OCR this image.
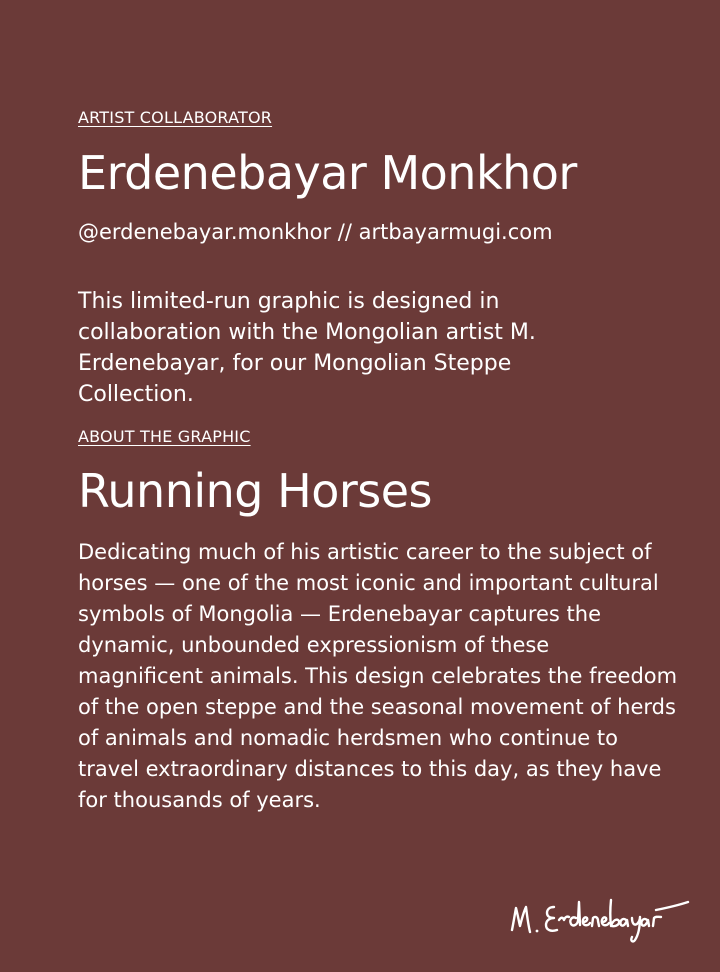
ARTIST COLLABORATOR
Erdenebayar Monkhor
@erdenebayar.monkhor // artbayarmugi.com

This limited-run graphic is designed in collaboration with the Mongolian artist M. Erdenebayar, for our Mongolian Steppe Collection.

ABOUT THE GRAPHIC
Running Horses

Dedicating much of his artistic career to the subject of horses — one of the most iconic and important cultural symbols of Mongolia — Erdenebayar captures the dynamic, unbounded expressionism of these magnificent animals. This design celebrates the freedom of the open steppe and the seasonal movement of herds of animals and nomadic herdsmen who continue to travel extraordinary distances to this day, as they have for thousands of years.
